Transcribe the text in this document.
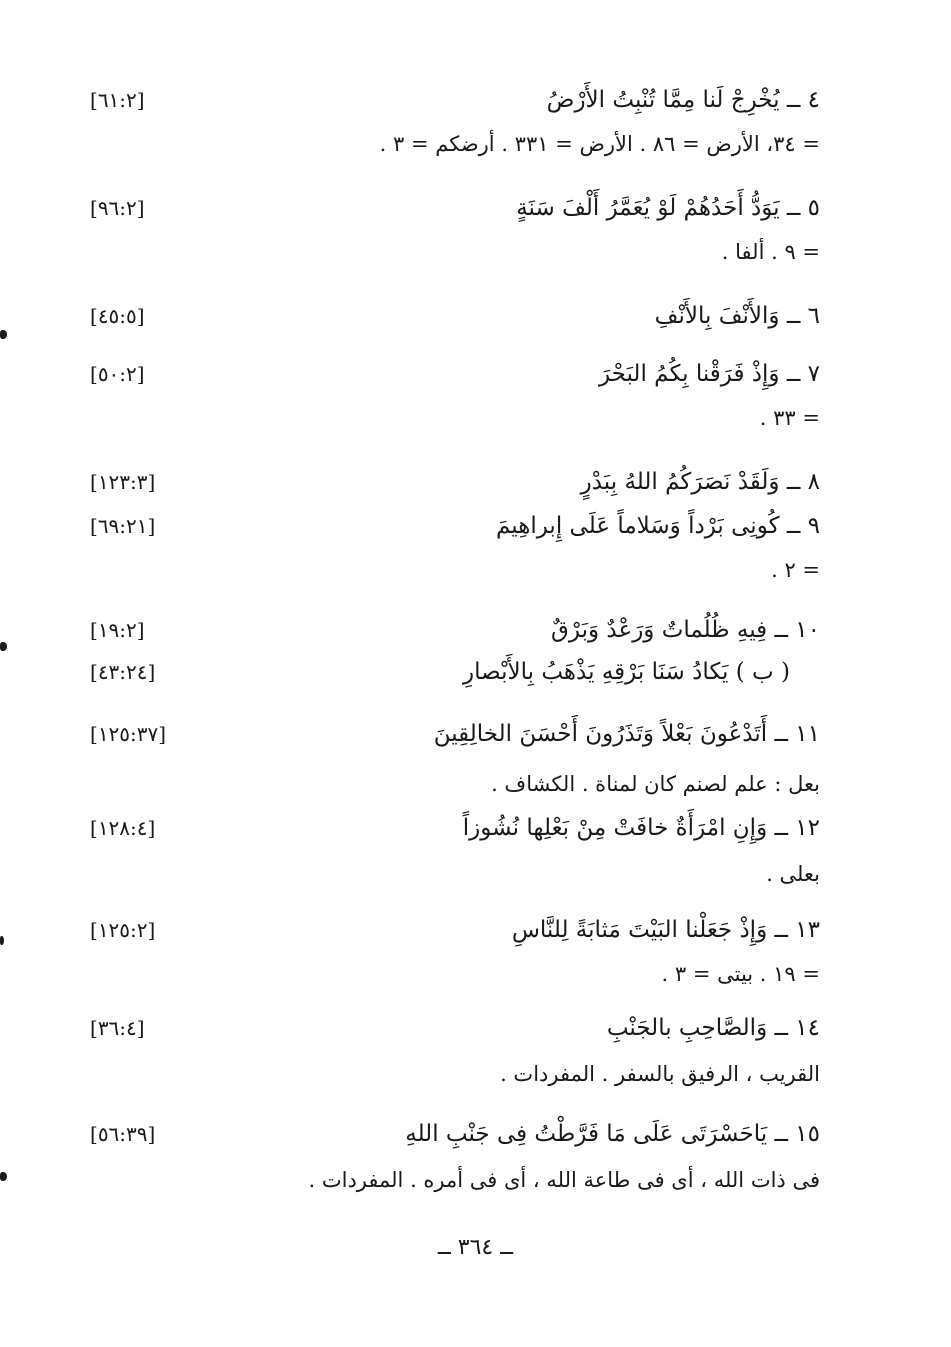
٤ ــ يُخْرِجْ لَنا مِمَّا تُنْبِتُ الأَرْضُ
[٦١:٢]
= ٣٤، الأرض = ٨٦ . الأرض = ٣٣١ . أرضكم = ٣ .
٥ ــ يَوَدُّ أَحَدُهُمْ لَوْ يُعَمَّرُ أَلْفَ سَنَةٍ
[٩٦:٢]
= ٩ . ألفا .
٦ ــ وَالأَنْفَ بِالأَنْفِ
[٤٥:٥]
٧ ــ وَإِذْ فَرَقْنا بِكُمُ البَحْرَ
[٥٠:٢]
= ٣٣ .
٨ ــ وَلَقَدْ نَصَرَكُمُ اللهُ بِبَدْرٍ
[١٢٣:٣]
٩ ــ كُونِى بَرْداً وَسَلاماً عَلَى إِبراهِيمَ
[٦٩:٢١]
= ٢ .
١٠ ــ فِيهِ ظُلُماتٌ وَرَعْدٌ وَبَرْقٌ
[١٩:٢]
( ب ) يَكادُ سَنَا بَرْقِهِ يَذْهَبُ بِالأَبْصارِ
[٤٣:٢٤]
١١ ــ أَتَدْعُونَ بَعْلاً وَتَذَرُونَ أَحْسَنَ الخالِقِينَ
[١٢٥:٣٧]
بعل : علم لصنم كان لمناة . الكشاف .
١٢ ــ وَإِنِ امْرَأَةٌ خافَتْ مِنْ بَعْلِها نُشُوزاً
[١٢٨:٤]
بعلى .
١٣ ــ وَإِذْ جَعَلْنا البَيْتَ مَثابَةً لِلنَّاسِ
[١٢٥:٢]
= ١٩ . بيتى = ٣ .
١٤ ــ وَالصَّاحِبِ بالجَنْبِ
[٣٦:٤]
القريب ، الرفيق بالسفر . المفردات .
١٥ ــ يَاحَسْرَتَى عَلَى مَا فَرَّطْتُ فِى جَنْبِ اللهِ
[٥٦:٣٩]
فى ذات الله ، أى فى طاعة الله ، أى فى أمره . المفردات .
ــ ٣٦٤ ــ
